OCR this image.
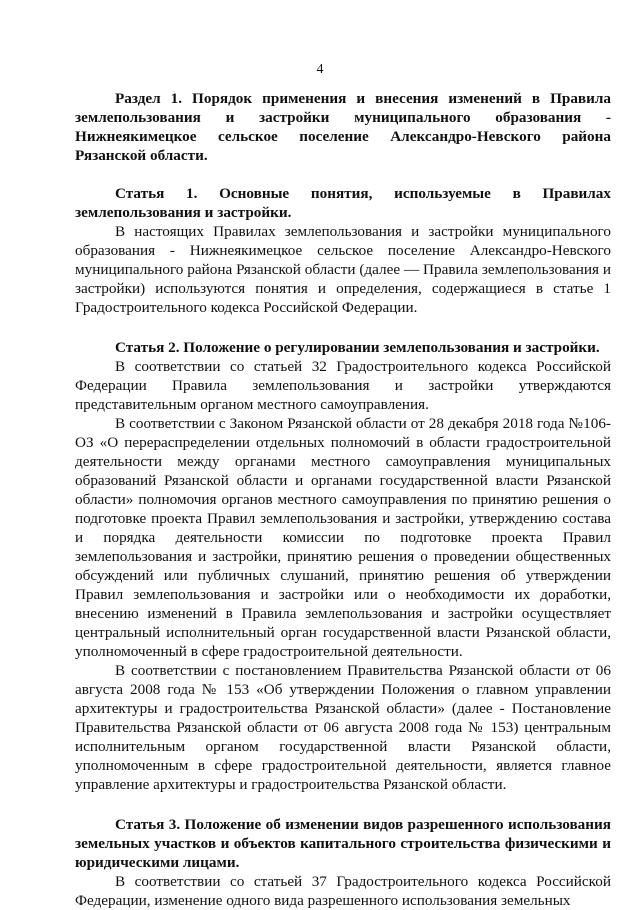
4
Раздел 1. Порядок применения и внесения изменений в Правила землепользования и застройки муниципального образования - Нижнеякимецкое сельское поселение Александро-Невского района Рязанской области.
Статья 1. Основные понятия, используемые в Правилах землепользования и застройки.

В настоящих Правилах землепользования и застройки муниципального образования - Нижнеякимецкое сельское поселение Александро-Невского муниципального района Рязанской области (далее — Правила землепользования и застройки) используются понятия и определения, содержащиеся в статье 1 Градостроительного кодекса Российской Федерации.

Статья 2. Положение о регулировании землепользования и застройки.

В соответствии со статьей 32 Градостроительного кодекса Российской Федерации Правила землепользования и застройки утверждаются представительным органом местного самоуправления.

В соответствии с Законом Рязанской области от 28 декабря 2018 года №106-ОЗ «О перераспределении отдельных полномочий в области градостроительной деятельности между органами местного самоуправления муниципальных образований Рязанской области и органами государственной власти Рязанской области» полномочия органов местного самоуправления по принятию решения о подготовке проекта Правил землепользования и застройки, утверждению состава и порядка деятельности комиссии по подготовке проекта Правил землепользования и застройки, принятию решения о проведении общественных обсуждений или публичных слушаний, принятию решения об утверждении Правил землепользования и застройки или о необходимости их доработки, внесению изменений в Правила землепользования и застройки осуществляет центральный исполнительный орган государственной власти Рязанской области, уполномоченный в сфере градостроительной деятельности.

В соответствии с постановлением Правительства Рязанской области от 06 августа 2008 года № 153 «Об утверждении Положения о главном управлении архитектуры и градостроительства Рязанской области» (далее - Постановление Правительства Рязанской области от 06 августа 2008 года № 153) центральным исполнительным органом государственной власти Рязанской области, уполномоченным в сфере градостроительной деятельности, является главное управление архитектуры и градостроительства Рязанской области.

Статья 3. Положение об изменении видов разрешенного использования земельных участков и объектов капитального строительства физическими и юридическими лицами.

В соответствии со статьей 37 Градостроительного кодекса Российской Федерации, изменение одного вида разрешенного использования земельных
